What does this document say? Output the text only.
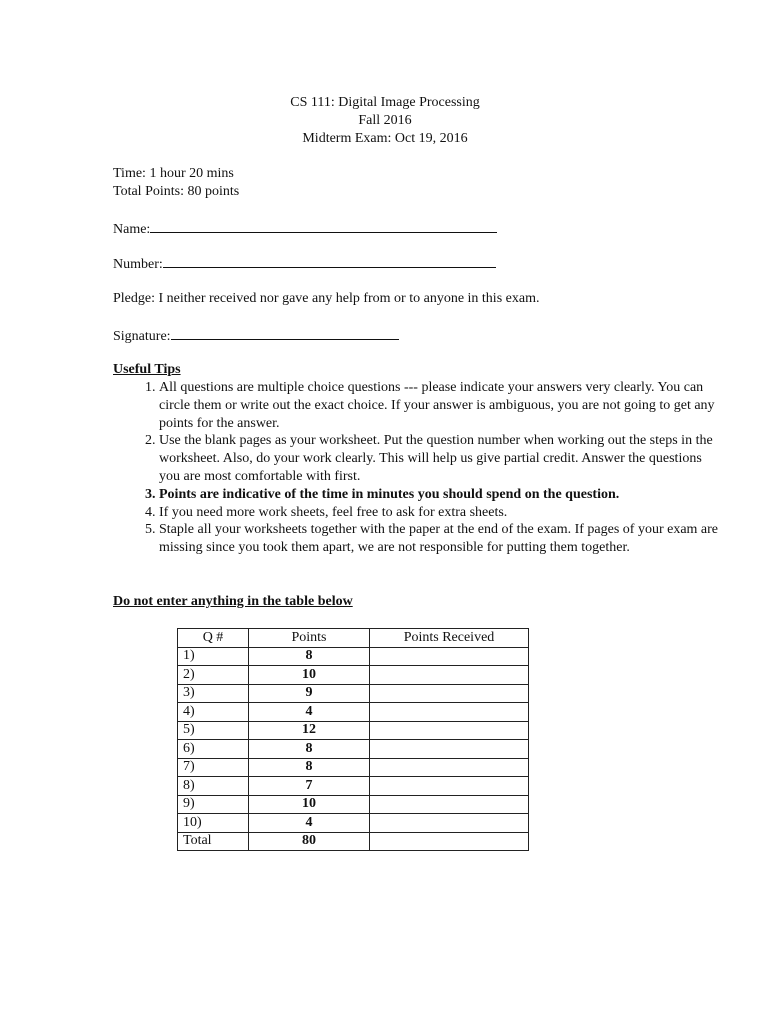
CS 111: Digital Image Processing
Fall 2016
Midterm Exam: Oct 19, 2016
Time: 1 hour 20 mins
Total Points: 80 points
Name:
Number:
Pledge: I neither received nor gave any help from or to anyone in this exam.
Signature:
Useful Tips
1. All questions are multiple choice questions --- please indicate your answers very clearly. You can circle them or write out the exact choice. If your answer is ambiguous, you are not going to get any points for the answer.
2. Use the blank pages as your worksheet. Put the question number when working out the steps in the worksheet. Also, do your work clearly. This will help us give partial credit. Answer the questions you are most comfortable with first.
3. Points are indicative of the time in minutes you should spend on the question.
4. If you need more work sheets, feel free to ask for extra sheets.
5. Staple all your worksheets together with the paper at the end of the exam. If pages of your exam are missing since you took them apart, we are not responsible for putting them together.
Do not enter anything in the table below
Q #	Points	Points Received
1)	8	
2)	10	
3)	9	
4)	4	
5)	12	
6)	8	
7)	8	
8)	7	
9)	10	
10)	4	
Total	80	
